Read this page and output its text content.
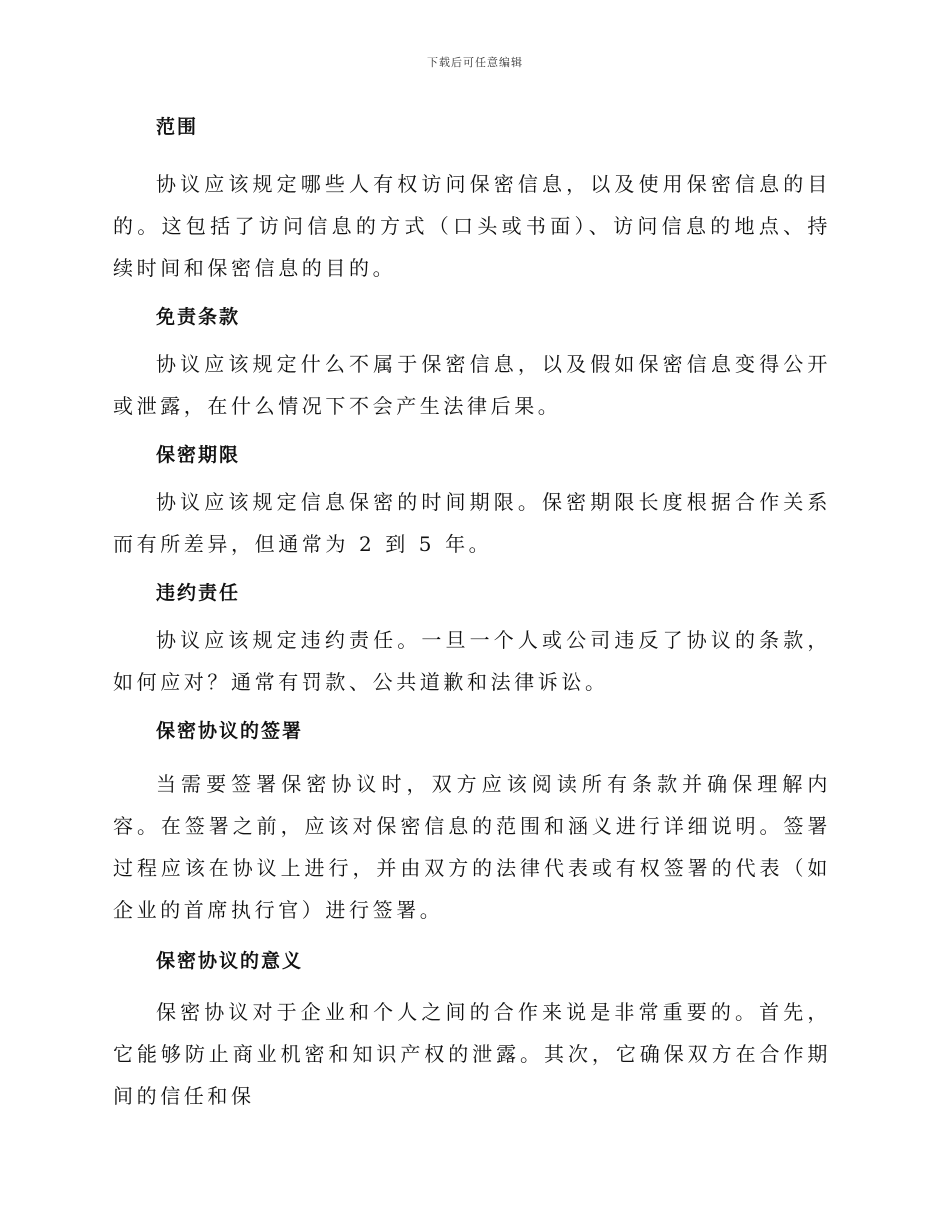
下载后可任意编辑
范围

协议应该规定哪些人有权访问保密信息，以及使用保密信息的目的。这包括了访问信息的方式（口头或书面）、访问信息的地点、持续时间和保密信息的目的。

免责条款

协议应该规定什么不属于保密信息，以及假如保密信息变得公开或泄露，在什么情况下不会产生法律后果。

保密期限

协议应该规定信息保密的时间期限。保密期限长度根据合作关系而有所差异，但通常为 2 到 5 年。

违约责任

协议应该规定违约责任。一旦一个人或公司违反了协议的条款，如何应对？通常有罚款、公共道歉和法律诉讼。

保密协议的签署

当需要签署保密协议时，双方应该阅读所有条款并确保理解内容。在签署之前，应该对保密信息的范围和涵义进行详细说明。签署过程应该在协议上进行，并由双方的法律代表或有权签署的代表（如企业的首席执行官）进行签署。

保密协议的意义

保密协议对于企业和个人之间的合作来说是非常重要的。首先，它能够防止商业机密和知识产权的泄露。其次，它确保双方在合作期间的信任和保
